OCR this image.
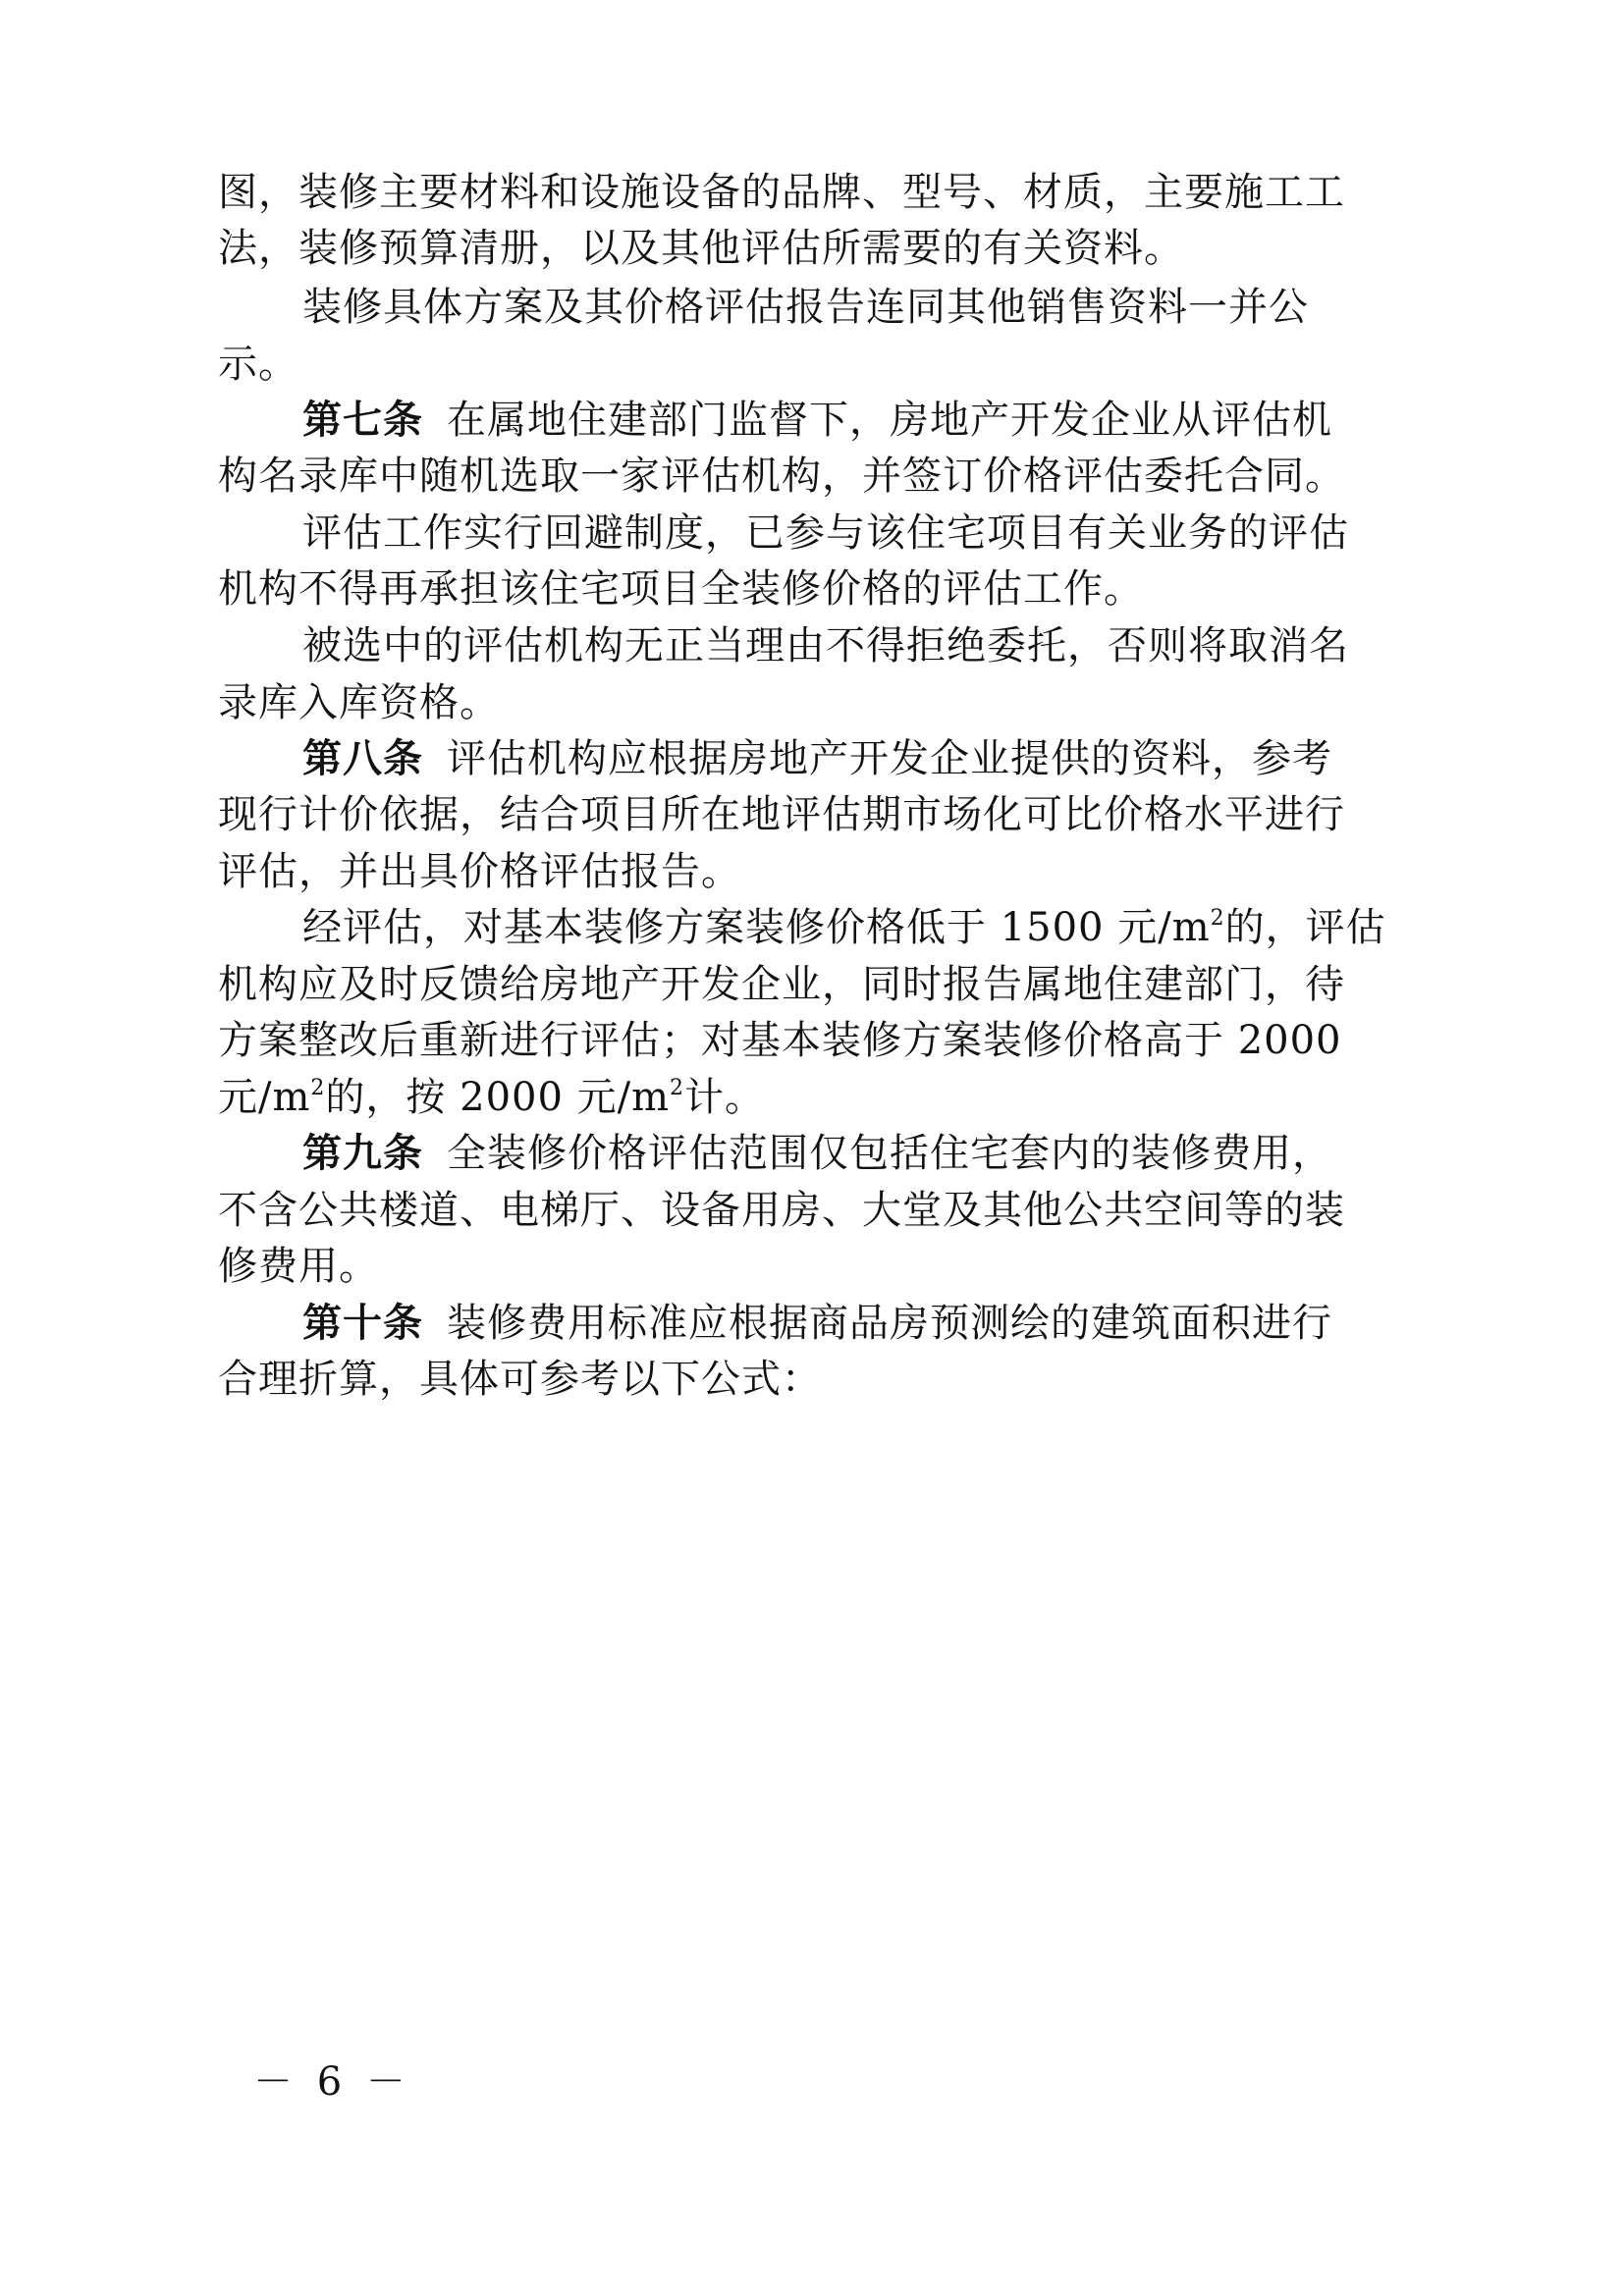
图，装修主要材料和设施设备的品牌、型号、材质，主要施工工
法，装修预算清册，以及其他评估所需要的有关资料。
装修具体方案及其价格评估报告连同其他销售资料一并公
示。
第七条 在属地住建部门监督下，房地产开发企业从评估机
构名录库中随机选取一家评估机构，并签订价格评估委托合同。
评估工作实行回避制度，已参与该住宅项目有关业务的评估
机构不得再承担该住宅项目全装修价格的评估工作。
被选中的评估机构无正当理由不得拒绝委托，否则将取消名
录库入库资格。
第八条 评估机构应根据房地产开发企业提供的资料，参考
现行计价依据，结合项目所在地评估期市场化可比价格水平进行
评估，并出具价格评估报告。
经评估，对基本装修方案装修价格低于 1500 元$/m^2$的，评估
机构应及时反馈给房地产开发企业，同时报告属地住建部门，待
方案整改后重新进行评估；对基本装修方案装修价格高于 2000
元$/m^2$的，按 2000 元$/m^2$计。
第九条 全装修价格评估范围仅包括住宅套内的装修费用，
不含公共楼道、电梯厅、设备用房、大堂及其他公共空间等的装
修费用。
第十条 装修费用标准应根据商品房预测绘的建筑面积进行
合理折算，具体可参考以下公式：
－ 6 －
